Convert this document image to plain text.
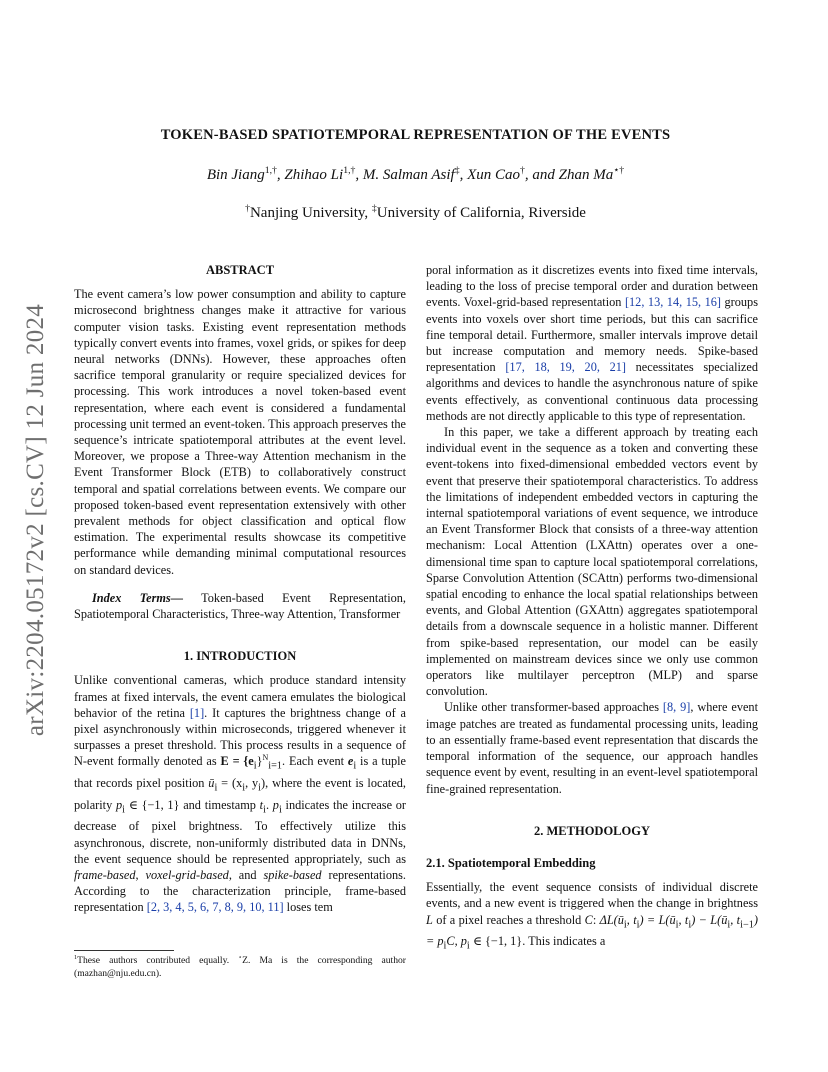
arXiv:2204.05172v2 [cs.CV] 12 Jun 2024
TOKEN-BASED SPATIOTEMPORAL REPRESENTATION OF THE EVENTS
Bin Jiang$^{1,\dagger}$, Zhihao $Li^{1,\dagger}$, M. Salman Asif‡, Xun Cao†, and Zhan Ma⋆†
†Nanjing University, ‡University of California, Riverside
ABSTRACT

The event camera’s low power consumption and ability to capture microsecond brightness changes make it attractive for various computer vision tasks. Existing event representation methods typically convert events into frames, voxel grids, or spikes for deep neural networks (DNNs). However, these approaches often sacrifice temporal granularity or require specialized devices for processing. This work introduces a novel token-based event representation, where each event is considered a fundamental processing unit termed an event-token. This approach preserves the sequence’s intricate spatiotemporal attributes at the event level. Moreover, we propose a Three-way Attention mechanism in the Event Transformer Block (ETB) to collaboratively construct temporal and spatial correlations between events. We compare our proposed token-based event representation extensively with other prevalent methods for object classification and optical flow estimation. The experimental results showcase its competitive performance while demanding minimal computational resources on standard devices.

Index Terms— Token-based Event Representation, Spatiotemporal Characteristics, Three-way Attention, Transformer

1. INTRODUCTION

Unlike conventional cameras, which produce standard intensity frames at fixed intervals, the event camera emulates the biological behavior of the retina [1]. It captures the brightness change of a pixel asynchronously within microseconds, triggered whenever it surpasses a preset threshold. This process results in a sequence of N-event formally denoted as $E = \{e_i\}^N_{i=1}$. Each event $e_i$ is a tuple that records pixel position $ū_i = (x_i$, $y_i$), where the event is located, polarity $p_i$ ∈ {−1, 1} and timestamp $t_i$. $p_i$ indicates the increase or decrease of pixel brightness. To effectively utilize this asynchronous, discrete, non-uniformly distributed data in DNNs, the event sequence should be represented appropriately, such as frame-based, voxel-grid-based, and spike-based representations. According to the characterization principle, frame-based representation [2, 3, 4, 5, 6, 7, 8, 9, 10, 11] loses tem

poral information as it discretizes events into fixed time intervals, leading to the loss of precise temporal order and duration between events. Voxel-grid-based representation [12, 13, 14, 15, 16] groups events into voxels over short time periods, but this can sacrifice fine temporal detail. Furthermore, smaller intervals improve detail but increase computation and memory needs. Spike-based representation [17, 18, 19, 20, 21] necessitates specialized algorithms and devices to handle the asynchronous nature of spike events effectively, as conventional continuous data processing methods are not directly applicable to this type of representation.

In this paper, we take a different approach by treating each individual event in the sequence as a token and converting these event-tokens into fixed-dimensional embedded vectors event by event that preserve their spatiotemporal characteristics. To address the limitations of independent embedded vectors in capturing the internal spatiotemporal variations of event sequence, we introduce an Event Transformer Block that consists of a three-way attention mechanism: Local Attention (LXAttn) operates over a one-dimensional time span to capture local spatiotemporal correlations, Sparse Convolution Attention (SCAttn) performs two-dimensional spatial encoding to enhance the local spatial relationships between events, and Global Attention (GXAttn) aggregates spatiotemporal details from a downscale sequence in a holistic manner. Different from spike-based representation, our model can be easily implemented on mainstream devices since we only use common operators like multilayer perceptron (MLP) and sparse convolution.

Unlike other transformer-based approaches [8, 9], where event image patches are treated as fundamental processing units, leading to an essentially frame-based event representation that discards the temporal information of the sequence, our approach handles sequence event by event, resulting in an event-level spatiotemporal fine-grained representation.

2. METHODOLOGY
2.1. Spatiotemporal Embedding

Essentially, the event sequence consists of individual discrete events, and a new event is triggered when the change in brightness L of a pixel reaches a threshold C: $\Delta L(ū_i$, $t_i$) = $L(ū_i$, $t_i$) − $L(ū_i$, $t_{i-1}) = p_iC$, $p_i$ ∈ {−1, 1}. This indicates a

$^1$These authors contributed equally. ⋆Z. Ma is the corresponding author (mazhan@nju.edu.cn).
